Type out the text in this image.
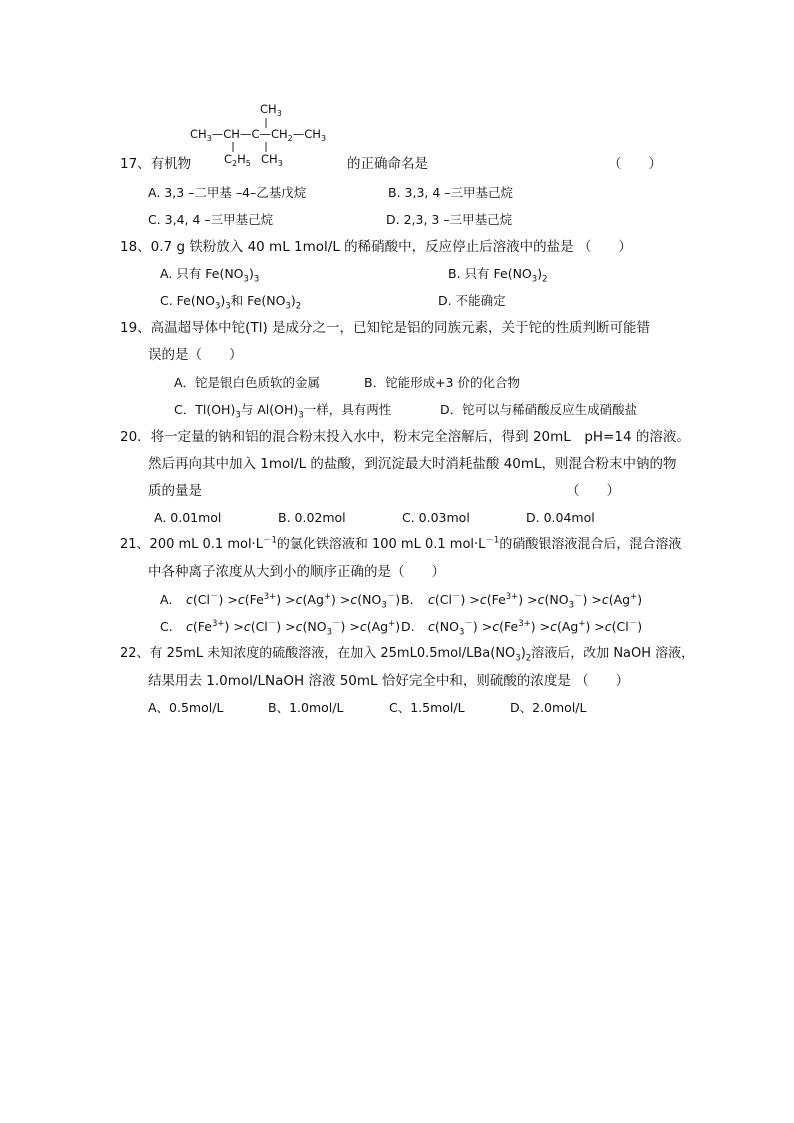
$CH_3$
$CH_3—CH—C—CH_2—CH_3$
$C_2H_5$ $CH_3$
17、有机物	的正确命名是	（　　）
A. 3,3 –二甲基 –4–乙基戊烷	B. 3,3, 4 –三甲基己烷
C. 3,4, 4 –三甲基己烷	D. 2,3, 3 –三甲基己烷
18、0.7 g 铁粉放入 40 mL 1mol/L 的稀硝酸中，反应停止后溶液中的盐是 （　　）
A. 只有 $Fe(NO_3)_3$	B. 只有 $Fe(NO_3)_2$
C. $Fe(NO_3)_3$和 $Fe(NO_3)_2$	D. 不能确定
19、高温超导体中铊(Tl) 是成分之一，已知铊是铝的同族元素，关于铊的性质判断可能错
误的是（　　）
A．铊是银白色质软的金属	B．铊能形成+3 价的化合物
C．$Tl(OH)_3$与 $Al(OH)_3$一样，具有两性	D．铊可以与稀硝酸反应生成硝酸盐
20．将一定量的钠和铝的混合粉末投入水中，粉末完全溶解后，得到 20mL　pH=14 的溶液。
然后再向其中加入 1mol/L 的盐酸，到沉淀最大时消耗盐酸 40mL，则混合粉末中钠的物
质的量是	（　　）
A. 0.01mol	B. 0.02mol	C. 0.03mol	D. 0.04mol
21、200 mL 0.1 $mol\cdot L^{-1}$的氯化铁溶液和 100 mL 0.1 $mol\cdot L^{-1}$的硝酸银溶液混合后，混合溶液
中各种离子浓度从大到小的顺序正确的是（　　）
A. $c(Cl^-) >c(Fe^{3+}) >c(Ag^+) >c(NO_3^-)$ B. $c(Cl^-) >c(Fe^{3+}) >c(NO_3^-) >c(Ag^+)$
C. $c(Fe^{3+}) >c(Cl^-) >c(NO_3^-) >c(Ag^+)$ D. $c(NO_3^-) >c(Fe^{3+}) >c(Ag^+) >c(Cl^-)$
22、有 25mL 未知浓度的硫酸溶液，在加入 $25mL0.5mol/LBa(NO_3)_2$溶液后，改加 NaOH 溶液，
结果用去 1.0mol/LNaOH 溶液 50mL 恰好完全中和，则硫酸的浓度是 （　　）
A、0.5mol/L	B、1.0mol/L	C、1.5mol/L	D、2.0mol/L
